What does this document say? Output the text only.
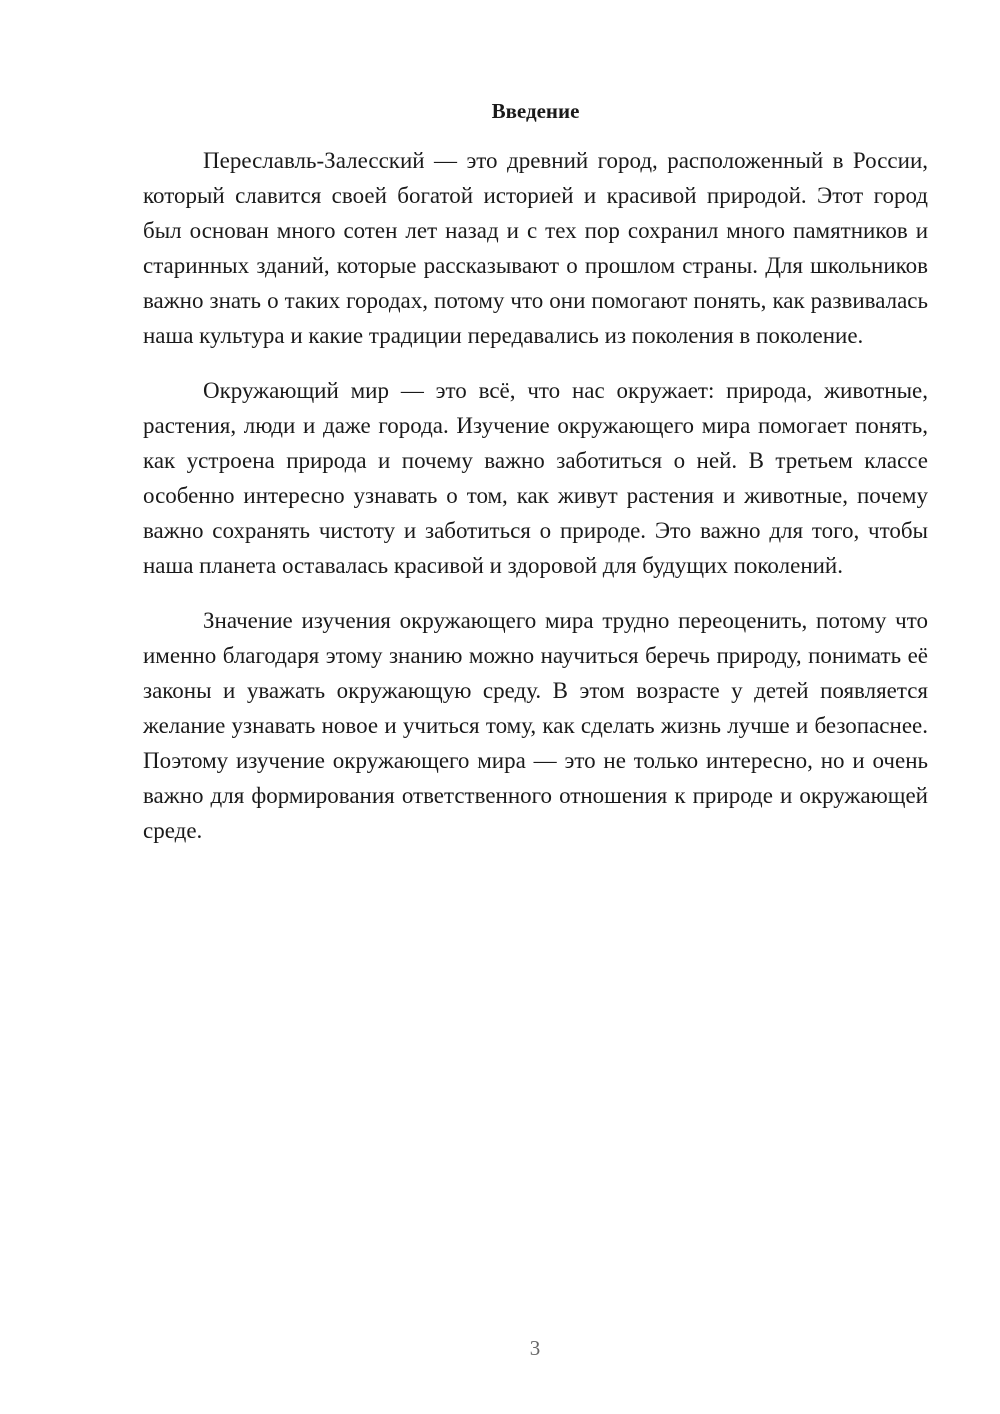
Введение

Переславль-Залесский — это древний город, расположенный в России, который славится своей богатой историей и красивой природой. Этот город был основан много сотен лет назад и с тех пор сохранил много памятников и старинных зданий, которые рассказывают о прошлом страны. Для школьников важно знать о таких городах, потому что они помогают понять, как развивалась наша культура и какие традиции передавались из поколения в поколение.

Окружающий мир — это всё, что нас окружает: природа, животные, растения, люди и даже города. Изучение окружающего мира помогает понять, как устроена природа и почему важно заботиться о ней. В третьем классе особенно интересно узнавать о том, как живут растения и животные, почему важно сохранять чистоту и заботиться о природе. Это важно для того, чтобы наша планета оставалась красивой и здоровой для будущих поколений.

Значение изучения окружающего мира трудно переоценить, потому что именно благодаря этому знанию можно научиться беречь природу, понимать её законы и уважать окружающую среду. В этом возрасте у детей появляется желание узнавать новое и учиться тому, как сделать жизнь лучше и безопаснее. Поэтому изучение окружающего мира — это не только интересно, но и очень важно для формирования ответственного отношения к природе и окружающей среде.

3
